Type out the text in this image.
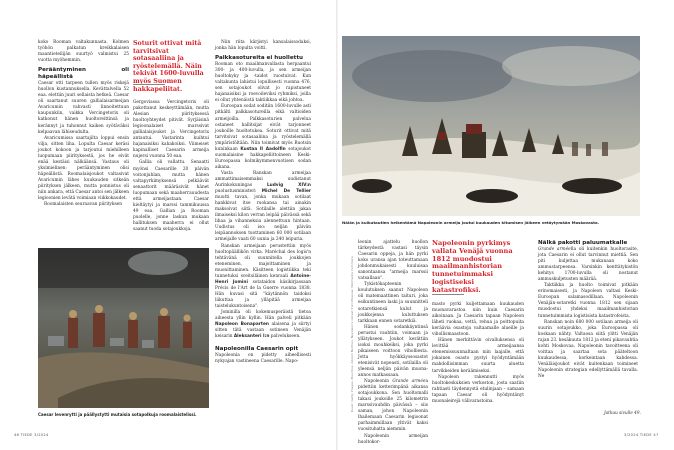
koko Rooman valtakunnasta. Kolmen työhön palkatun kreikkalaisen maantieteilijän suurtyö valmistui 25 vuotta myöhemmin.

Perääntyminen oli häpeällistä

Caesar otti tarpeen tullen myös riskejä huollon kustannuksella. Kevättalvella 52 eaa. elettiin juuri sellaista hetkeä. Caesar oli saartanut suuren gallialaisarmeijan Avaricumin vahvasti linnoitettuun kaupunkiin, vaikka Vercingetorix oli katkonut hänen huoltoreittinsä ja kerännyt ja tuhonnut kaiken syötäväksi kelpaavan lähiseudulta.

Avaricumissa saartajilta loppui ensin vilja, sitten liha. Lopulta Caesar keräsi joukot kokoon ja tarjoutui miehilleen luopumaan piirityksestä, jos he eivät enää kestäisi nälkäänsä. Vastaus oli yksimielinen: perääntyminen olisi häpeällistä. Roomalaisjoukot valtasivat Avaricumin lähes kuukauden sitkeän piirityksen jälkeen, mutta ponnistus oli niin ankara, että Caesar antoi sen jälkeen legioonien levätä voimiaan viikkokaudet.

Roomalaisten seuraavan piirityksen

Soturit ottivat mitä tarvitsivat sotasaaliina ja ryöstelemällä. Näin tekivät 1600-luvulla myös Suomen hakkapeliitat.

Gergoviassa Vercingetorix oli pakottanut keskeyttämään, mutta Alesian piirityksessä huoltoyhteydet pitivät. Syrjäisinä legioonalaiset marssivat gallialaisjoukot ja Vercingetorix antautui. Vastarinta kuihtui hajanaisiksi kahakoiksi. Viimeiset kapinalliset Caesarin armeija nujersi vuonna 50 eaa.

Gallia oli vallattu. Senaatti myönsi Caesarille 20 päivän voitonjuhlan, mutta hänen valtapyrkimyksensä pelkäävät senaattorit määräsivät hänet luopumaan sekä maaherrauudesta että armeijastaan. Caesar kieltäytyi ja marssi tammikuussa 49 eaa. Gallian ja Rooman puolelle, jonne laskun mukaan hallituksen maaherra ei ollut saanut tuoda sotajoukkoja.

Niin riita kärjistyi kansalaissodaksi, jonka hän lopulta voitti.

Palkkasotureita ei huollettu

Rooman oto maailmanvallasta herpaantui 300- ja 400-luvulla, ja sen armeijan huoltokyky ja -taidot ruostuivat. Kun valtakunta lahistui lopullisesti vuonna 476, sen sotajoukot olivat jo rapistuneet hajanaisiksi ja roevoileviksi ryhmiksi, joilla ei ollut yhtenäistä taktiikkaa eikä johtoa.

Euroopan sodat soditiin 1600-luvulle asti pitkälti palkkasotureilla eikä valtioiden armeijoilla. Palkkasoturien palvelua ostaneet hallitsijat eivät tarjonneet joukoille huoltotukea. Soturit ottivat mitä tarvitsivat sotasaaliina ja ryöstelemällä ympäristöltään. Niin toimivat myös Ruotsin kuninkaan Kustaa II Aadolfin sotajoukot suomalaisine hakkapeliittoineen Keski-Euroopassa kolmikymmenvuotisen sodan aikana.

Vasta Ranskan armeijaa ammattimaisemmaksi uudistanut Aurinkokuningas	Ludvig XIV:n puolustusministeri Michel De Tellier muutti tavan, jonka mukaan sotilaat hankkivat itse ruokansa tai ainakin maksoivat siitä. Sotilaille alettiin jakaa ilmaiseksi kilon verran leipää päivässä sekä lihaa ja vihanneksia alennettuun hintaan. Uudistus oli iso: neljän päivän leipäannoksen tuottaminen 60 000 sotilaan armeijalle vaati 60 uunia ja 240 leipuria.

Ranskan armeijaan perustettiin myös huoltopäällikön virka. Maréchal des logis'n tehtävänä oli suunnitella joukkojen eteneminen, majoittaminen ja muonittaminen. Käsitteen logistiikka teki tunnetuksi sveitsiläinen kenraali Antoine-Henri Jomini sotataidon käsikirjassaan Précis de l'Art de la Guerre vuonna 1838. Hän kuvasi sitä "käytännön taidoksi liikuttaa ja ylläpitää armeijaa taistelukuntoisena".

Jominilla oli kokemusperäistä tietoa aiheesta yllin kyllin. Hän palveli pitkään Napoleon Bonaparten alaisena ja siirtyi sitten tätä vastaan sotineen Venäjän keisarin Aleksanteri I:n palvelukseen.

Napoleonilla Caesarin opit

Napoleonia on pidetty aiheellisesti nykyajan vastineena Caesarille. Napo-

Caesar levenrytti ja päällystytti mutaisia sotapolkuja roomalaistelissi.
46 TIEDE 3/2024
Nälän ja kulkutautien heikentämä Napoleonin armeija joutui kuukauden kitumisen jälkeen vetäytymään Moskovasta.
Kuvat: Getty Images, Mauritius, Adolph Northen, Napoleon's retreat from Moscow, Wikimedia Commons

leonin ajattelu huollon tärkeydestä vastasi täysin Caesarin oppeja, ja hän pyrki koko uransa ajan toteuttamaan johdonmukaisesti kuuluisaa sanontaansa "armeija marssii vatsallaan".

Tykistökapteenin koulutuksen saanut Napoleon oli matemaattinen taituri, joka esikuntineen laski ja suunnitteli sotaretkiensä kulut ja joukkojensa kuluttuksen tarkkaan ennen sotaretkiä.

Hänen sodankäyntinsä perustui vauhtiin, voimaan ja yllätykseen. Joukot kerättiin isoksi mouhkeiksi, joka pyrki pikaiseen voittoon viholliesta. Jotta hyökkäyssosastot etenisivät nopeasti, sotilailla oli yleensä neljän päivän muona-annos matkassaan.

Napoleonin Grande arméea pidettiin ketterimpänä aikansa sotajoukkona. Sen huoltomalli takasi joukoille 25 kilometrin marssivauhdin päivässä – siis saman, johon Napoleonin lhailemaan Caesarin legioonat parhaimmillaan yltivät kaksi vuosituhatta aiemmin.

Napoleonin armeijan huoltokor-

Napoleonin pyrkimys vallata Venäjä vuonna 1812 muodostui maailmanhistorian tunnetuimmaksi logistiseksi katastrofiksi.

masto pyrki kuljettamaan kuukauden muonavarastoa niin kuin Caesarin aikoinaan. Ja Caesarin tapaan Napoleon läheti ruokaa, vettä, rehua ja polttopuita keräävia osastoja valtaamalle alueille ja vihollismaastoon.

Hänen merkittävin oivalluksensa oli levittää armeijaansa etenemissuunnaltaan niin laajalle, että jokainen osasto pystyi hyödyntämään mahdollisimman suurta aluetta tarvikkeiden keräämiseksi.

Napoleon rakennutti myös huoltokeskuksien verkoston, josta saatiin rahtiasti täydennystä etulinjaan – samaan tapaan Caesar oli hyödyntänyt muonaleirejä välivarastoina.

Nälkä pakotti paluumatkalle

Grande arméella oli kuitenkin huoltorasite, jota Caesarin ei ollut tarvinnut miettiä. Sen piti kuljettaa mukanaan koko ammustarpeensa. Varsinkin kenttätykistön kehitys 1700-luvulla oli nostanut ammuskuljetusten määrää.

Taktiikka ja huolto toimivat pitkään erinomaisesti, ja Napoleon valtasi Keski-Euroopan salamasodillaan. Napoleonin Venäjän-sotaretki vuonna 1812 sen sijaan muodostui yhdeksi maailmanhistorian tunnetuimmista logistisista katastrofeista.

Ranskan noin 680 000 sotilaan armeija oli suurin sotajoukko, joka Euroopassa oli koskaan nähty. Valtaosa siitä ylitti Venäjän rajan 23. kesäkuuta 1812 ja eteni pikavauhtia kohti Moskovaa. Napoleonin tavoitteena oli voittaa ja saartaa sota pääteltoon kuukaudessa, korkeintaan kahdessa. Venäläisjoukot eivät kuitenkaan toimineet Napoleonin strategian edellyttämällä tavalla. Ne

Jatkuu sivulle 49.
3/2024 TIEDE 47
